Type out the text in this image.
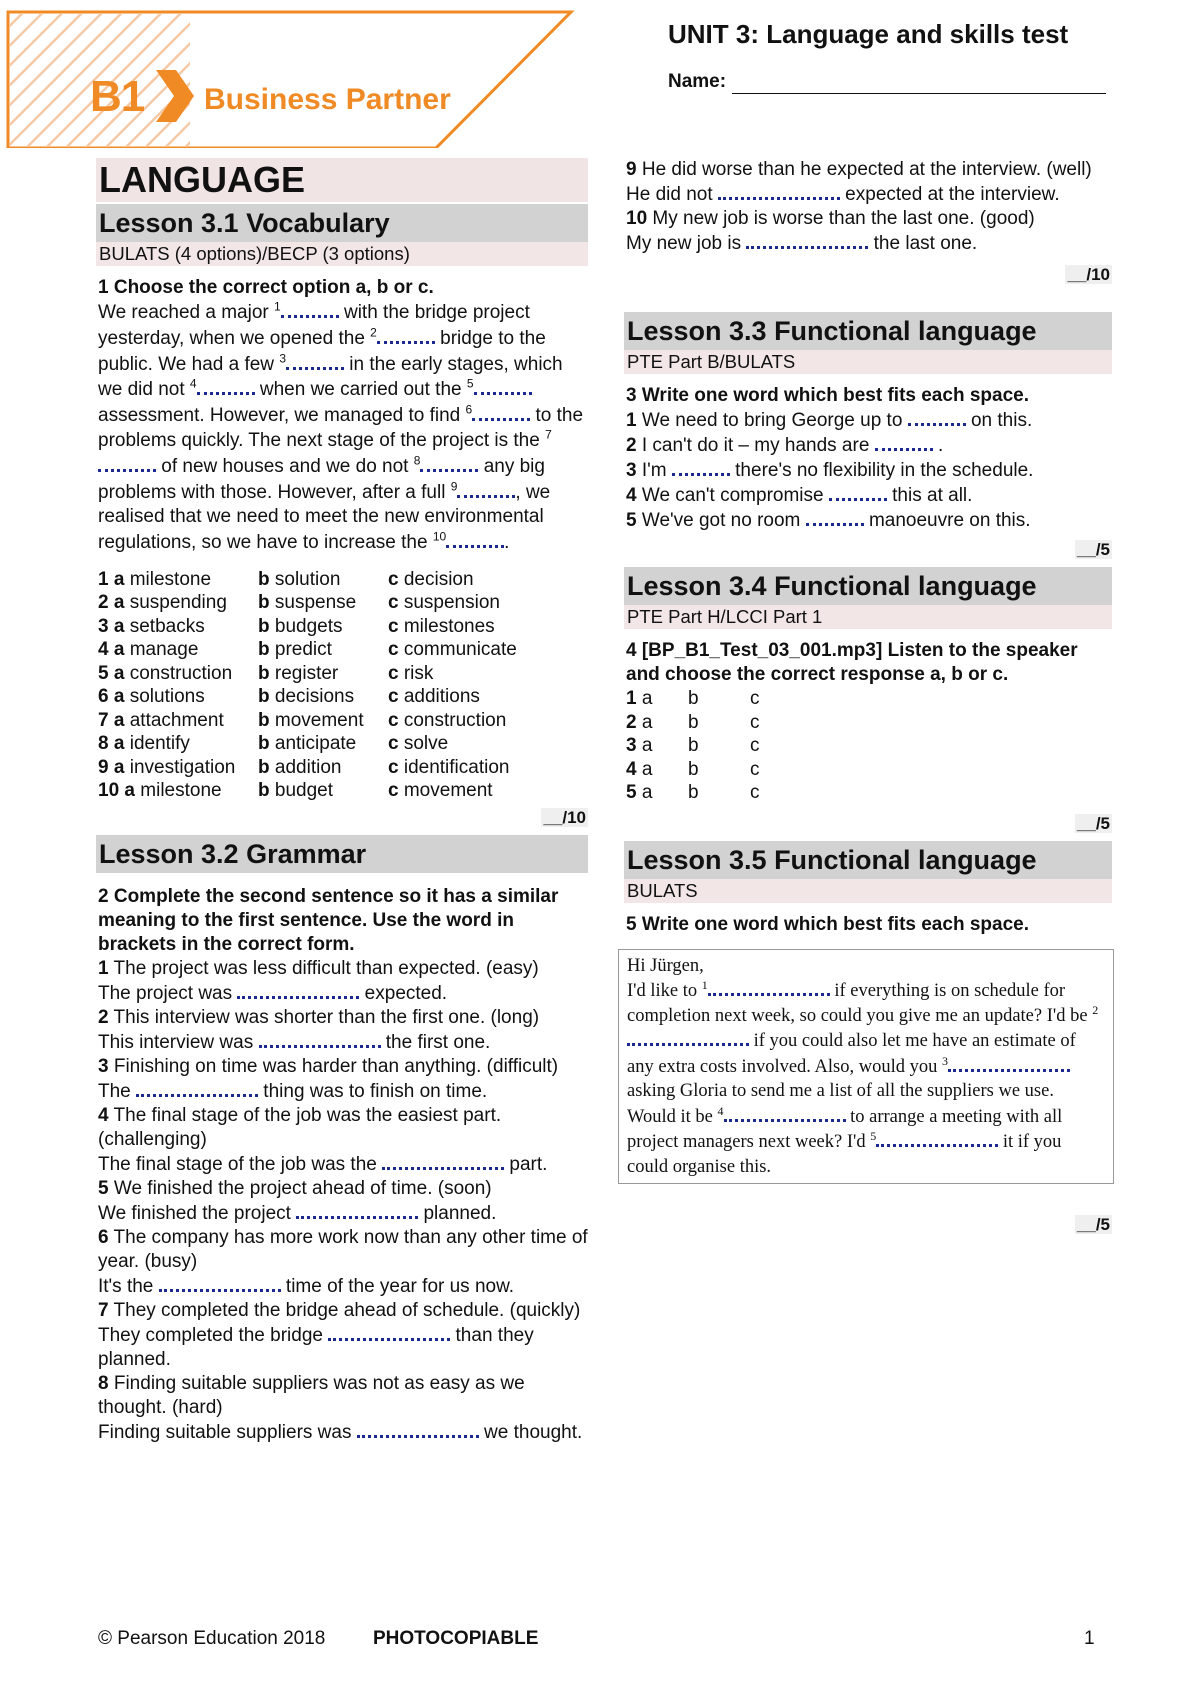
B1 Business Partner
UNIT 3: Language and skills test
Name:
LANGUAGE
Lesson 3.1 Vocabulary
BULATS (4 options)/BECP (3 options)

1 Choose the correct option a, b or c.

We reached a major $^1$	with the bridge project yesterday, when we opened the $^2$	bridge to the public. We had a few $^3$	in the early stages, which we did not $^4$	when we carried out the $^5$ assessment. However, we managed to find $^6$	to the problems quickly. The next stage of the project is the $^7$ of new houses and we do not $^8$	any big problems with those. However, after a full $^9$	, we realised that we need to meet the new environmental regulations, so we have to increase the $^{10}$	.

1 a milestone	b solution	c decision
2 a suspending	b suspense	c suspension
3 a setbacks	b budgets	c milestones
4 a manage	b predict	c communicate
5 a construction	b register	c risk
6 a solutions	b decisions	c additions
7 a attachment	b movement	c construction
8 a identify	b anticipate	c solve
9 a investigation	b addition	c identification
10 a milestone	b budget	c movement
__/10
Lesson 3.2 Grammar

2 Complete the second sentence so it has a similar meaning to the first sentence. Use the word in brackets in the correct form.

1 The project was less difficult than expected. (easy)

The project was	expected.

2 This interview was shorter than the first one. (long)

This interview was	the first one.

3 Finishing on time was harder than anything. (difficult)

The	thing was to finish on time.

4 The final stage of the job was the easiest part. (challenging)

The final stage of the job was the	part.

5 We finished the project ahead of time. (soon)

We finished the project	planned.

6 The company has more work now than any other time of year. (busy)

It's the	time of the year for us now.

7 They completed the bridge ahead of schedule. (quickly)

They completed the bridge	than they planned.

8 Finding suitable suppliers was not as easy as we thought. (hard)

Finding suitable suppliers was	we thought.

9 He did worse than he expected at the interview. (well)

He did not	expected at the interview.

10 My new job is worse than the last one. (good)

My new job is	the last one.

__/10
Lesson 3.3 Functional language
PTE Part B/BULATS

3 Write one word which best fits each space.

1 We need to bring George up to	on this.

2 I can't do it – my hands are	.

3 I'm	there's no flexibility in the schedule.

4 We can't compromise	this at all.

5 We've got no room	manoeuvre on this.

__/5
Lesson 3.4 Functional language
PTE Part H/LCCI Part 1

4 [BP_B1_Test_03_001.mp3] Listen to the speaker and choose the correct response a, b or c.

1 a	b	c
2 a	b	c
3 a	b	c
4 a	b	c
5 a	b	c
__/5
Lesson 3.5 Functional language
BULATS

5 Write one word which best fits each space.

Hi Jürgen,

I'd like to $^1$	if everything is on schedule for completion next week, so could you give me an update? I'd be $^2$ if you could also let me have an estimate of any extra costs involved. Also, would you $^3$ asking Gloria to send me a list of all the suppliers we use. Would it be $^4$	to arrange a meeting with all project managers next week? I'd $^5$	it if you could organise this.

__/5
© Pearson Education 2018	PHOTOCOPIABLE	1
